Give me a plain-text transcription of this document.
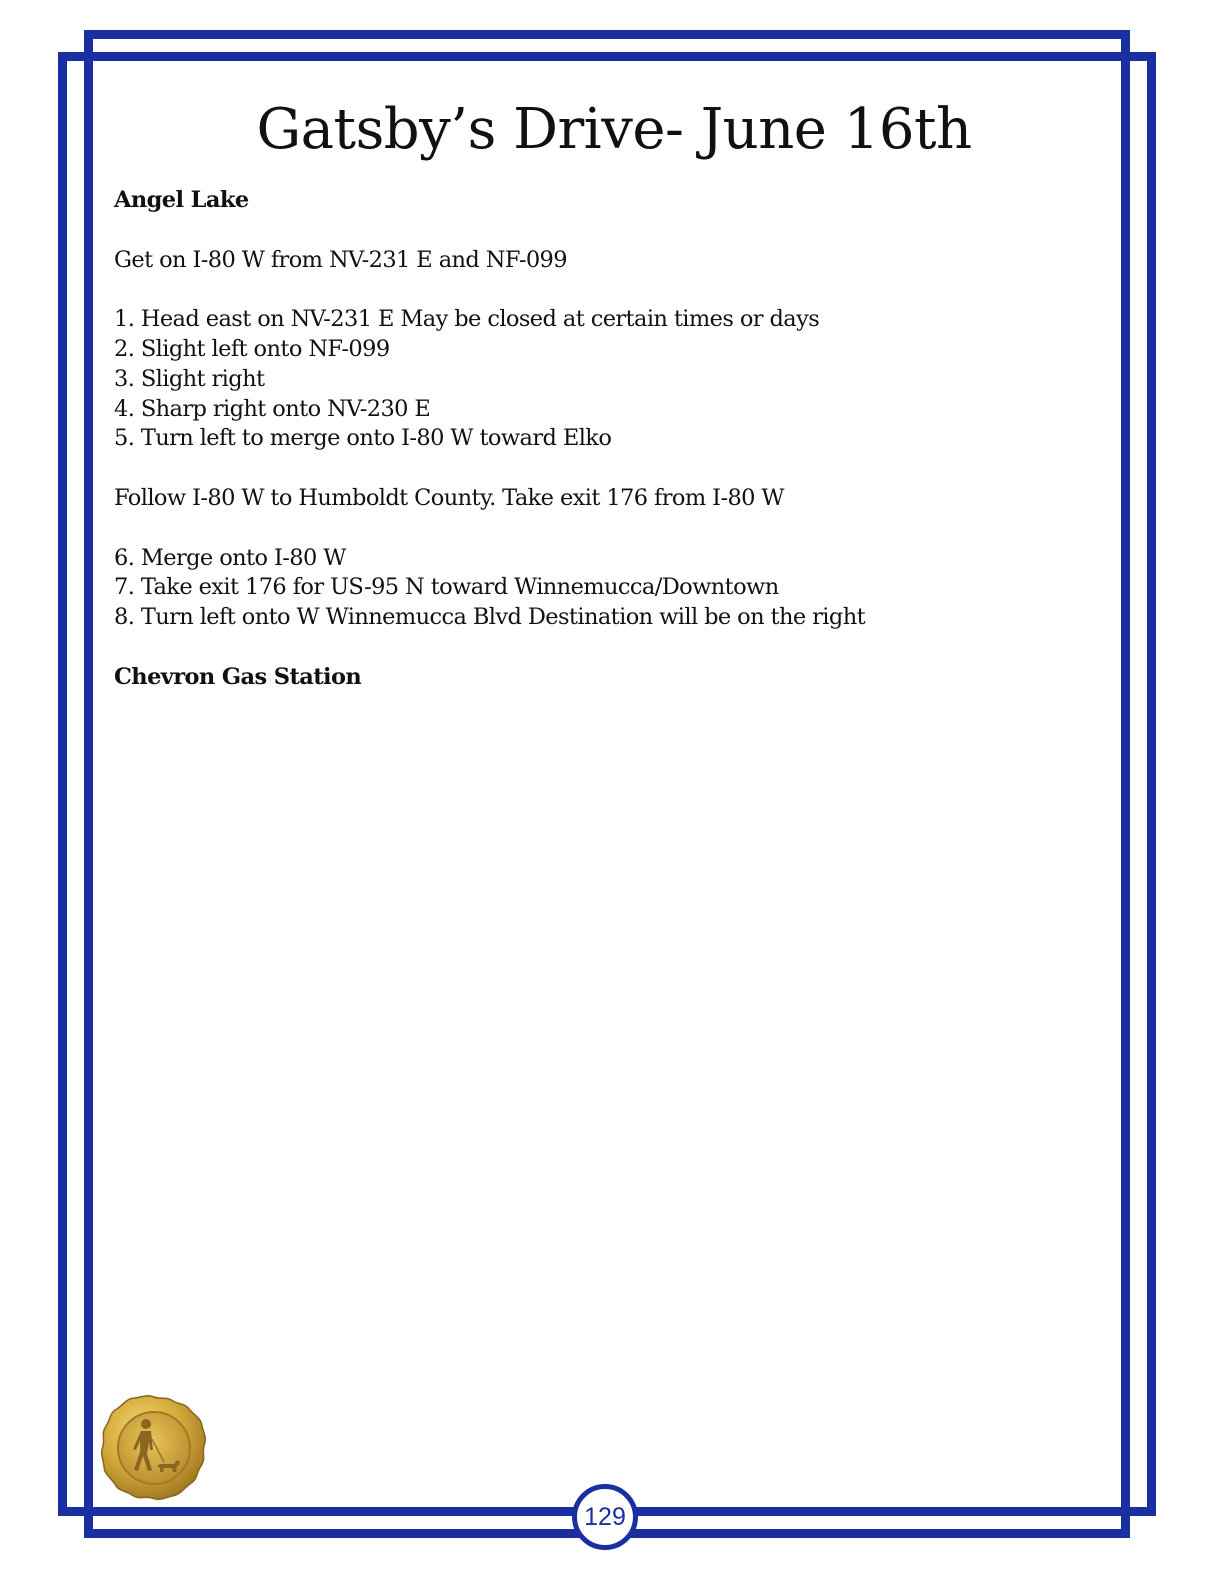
Gatsby’s Drive- June 16th

Angel Lake

Get on I-80 W from NV-231 E and NF-099

1. Head east on NV-231 E May be closed at certain times or days
2. Slight left onto NF-099
3. Slight right
4. Sharp right onto NV-230 E
5. Turn left to merge onto I-80 W toward Elko

Follow I-80 W to Humboldt County. Take exit 176 from I-80 W

6. Merge onto I-80 W
7. Take exit 176 for US-95 N toward Winnemucca/Downtown
8. Turn left onto W Winnemucca Blvd Destination will be on the right

Chevron Gas Station

129
